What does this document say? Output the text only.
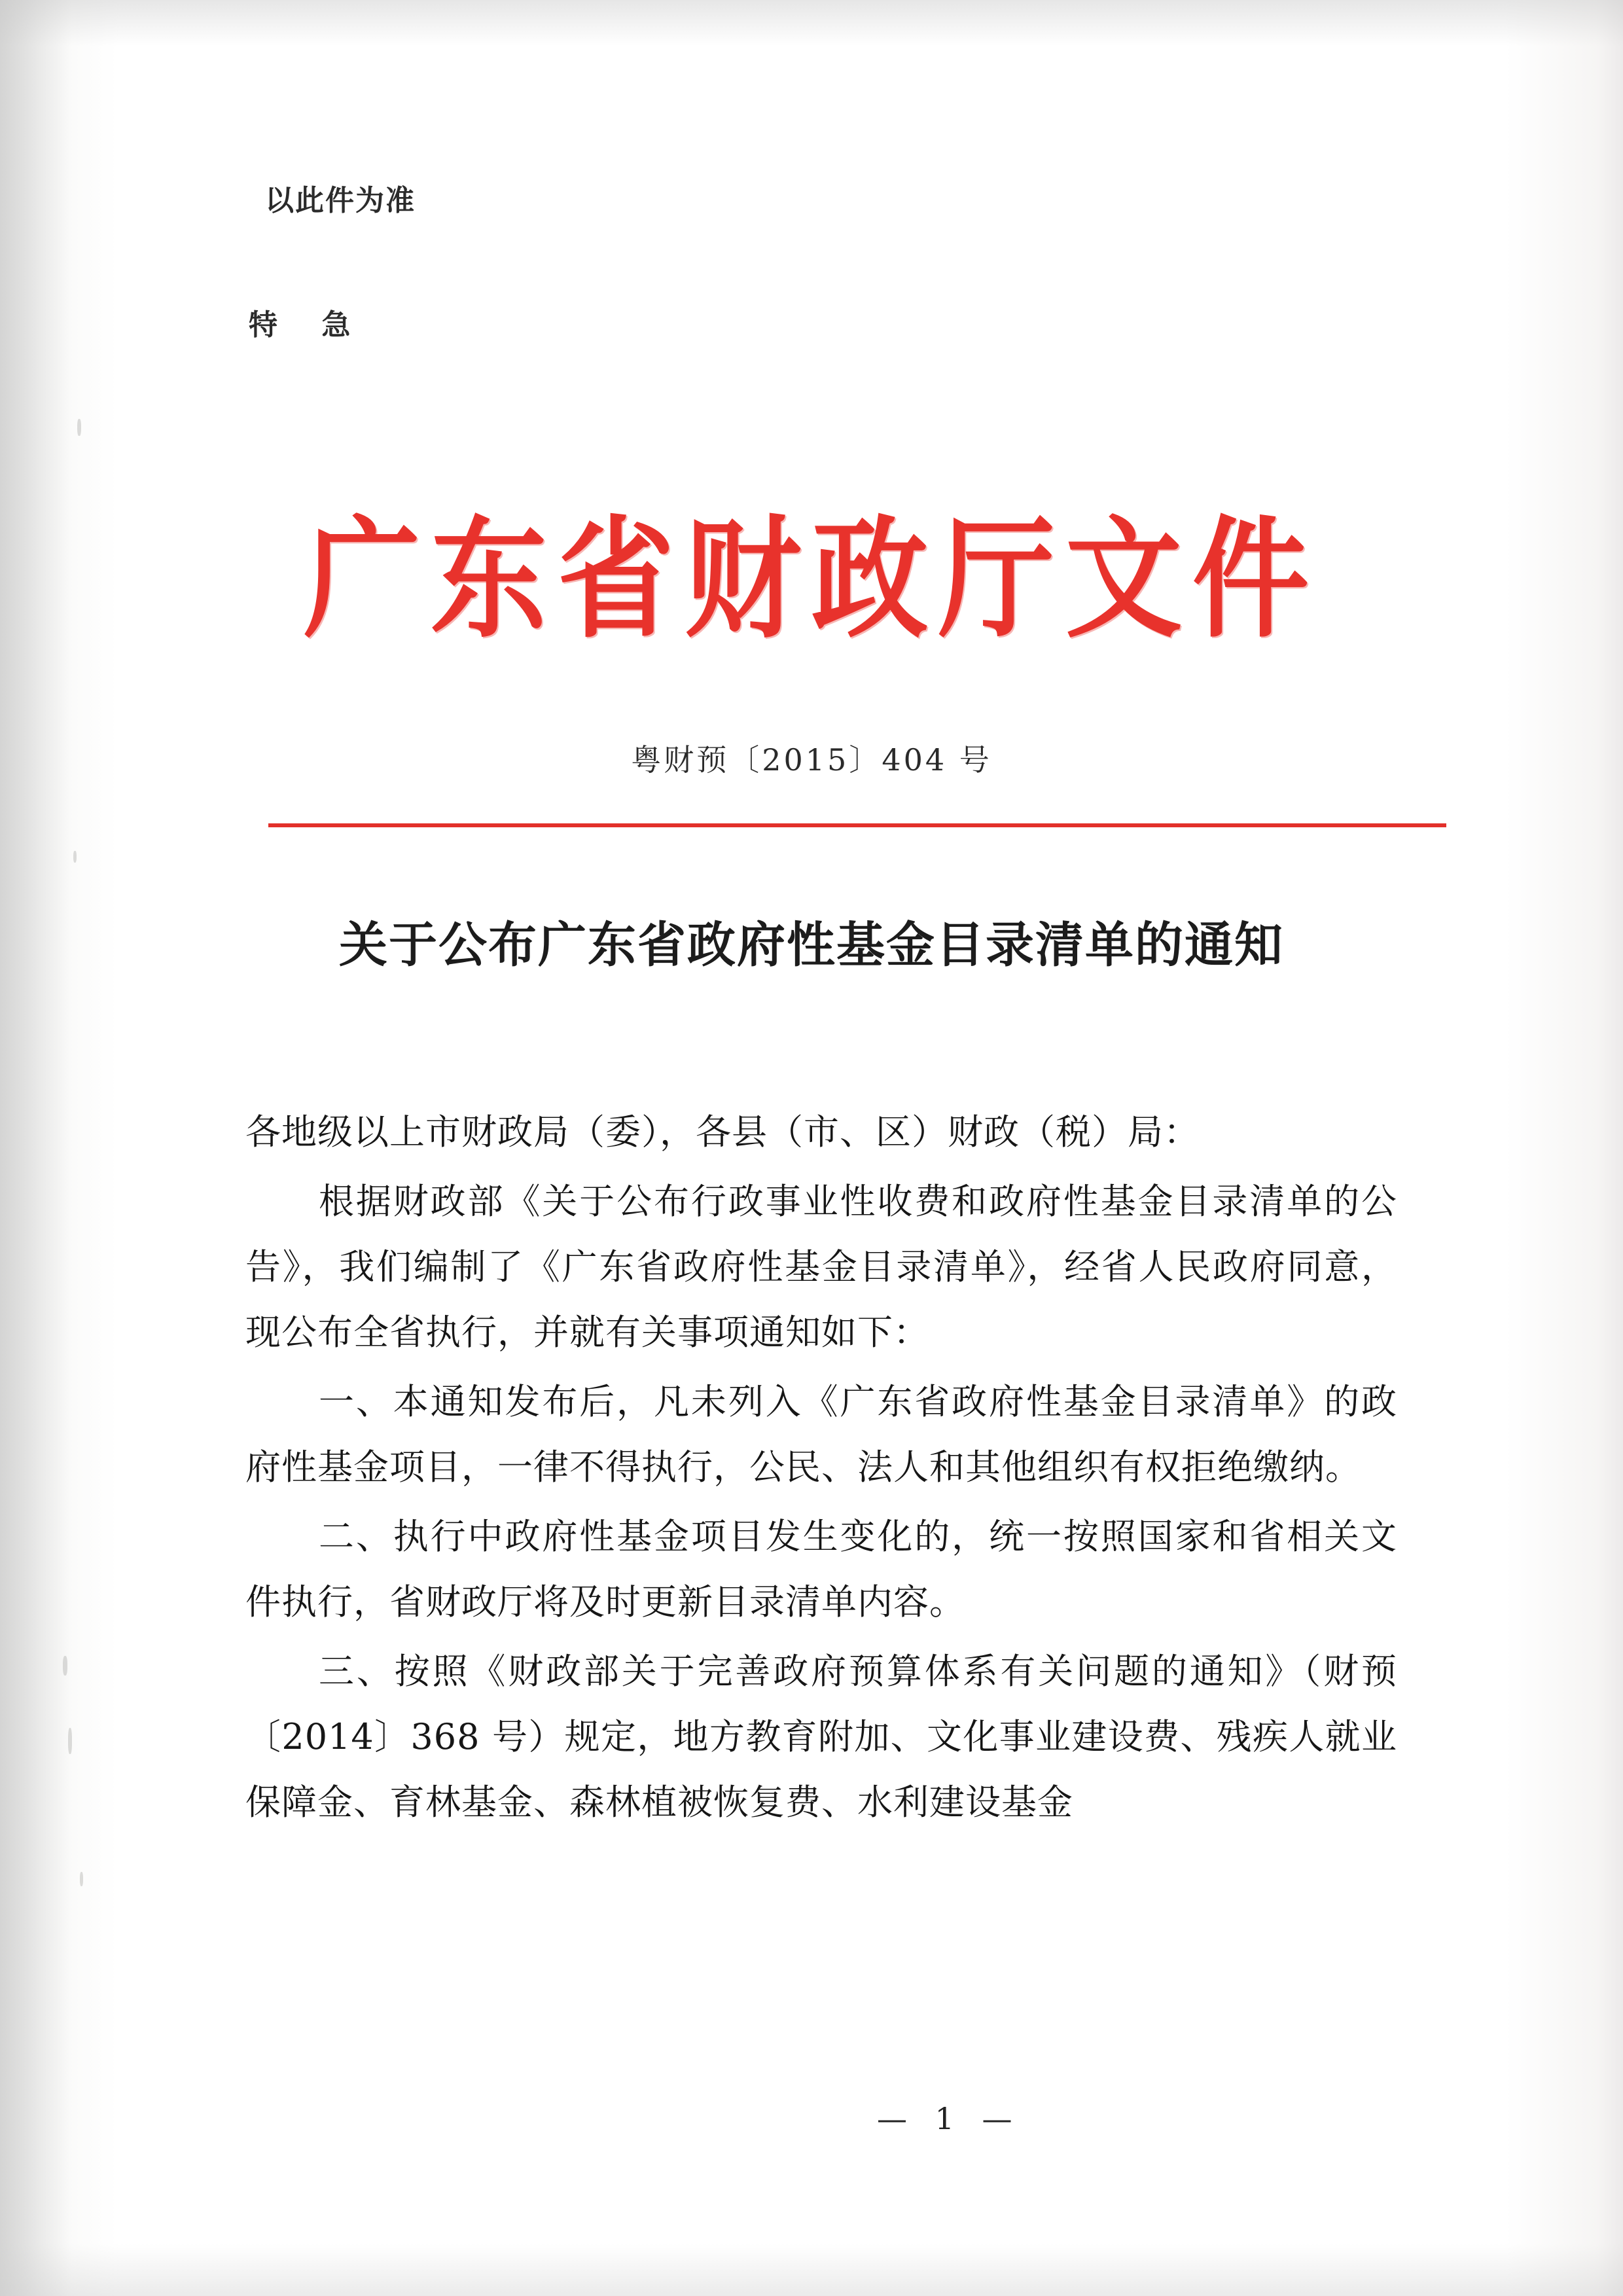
以此件为准
特 急
广东省财政厅文件
粤财预〔2015〕404 号
关于公布广东省政府性基金目录清单的通知

各地级以上市财政局（委），各县（市、区）财政（税）局：

根据财政部《关于公布行政事业性收费和政府性基金目录清单的公告》，我们编制了《广东省政府性基金目录清单》，经省人民政府同意，现公布全省执行，并就有关事项通知如下：

一、本通知发布后，凡未列入《广东省政府性基金目录清单》的政府性基金项目，一律不得执行，公民、法人和其他组织有权拒绝缴纳。

二、执行中政府性基金项目发生变化的，统一按照国家和省相关文件执行，省财政厅将及时更新目录清单内容。

三、按照《财政部关于完善政府预算体系有关问题的通知》（财预〔2014〕368 号）规定，地方教育附加、文化事业建设费、残疾人就业保障金、育林基金、森林植被恢复费、水利建设基金

— 1 —
